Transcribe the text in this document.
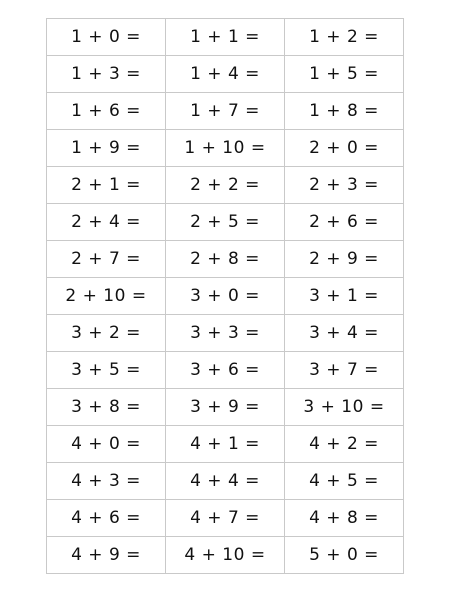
1 + 0 =	1 + 1 =	1 + 2 =
1 + 3 =	1 + 4 =	1 + 5 =
1 + 6 =	1 + 7 =	1 + 8 =
1 + 9 =	1 + 10 =	2 + 0 =
2 + 1 =	2 + 2 =	2 + 3 =
2 + 4 =	2 + 5 =	2 + 6 =
2 + 7 =	2 + 8 =	2 + 9 =
2 + 10 =	3 + 0 =	3 + 1 =
3 + 2 =	3 + 3 =	3 + 4 =
3 + 5 =	3 + 6 =	3 + 7 =
3 + 8 =	3 + 9 =	3 + 10 =
4 + 0 =	4 + 1 =	4 + 2 =
4 + 3 =	4 + 4 =	4 + 5 =
4 + 6 =	4 + 7 =	4 + 8 =
4 + 9 =	4 + 10 =	5 + 0 =
